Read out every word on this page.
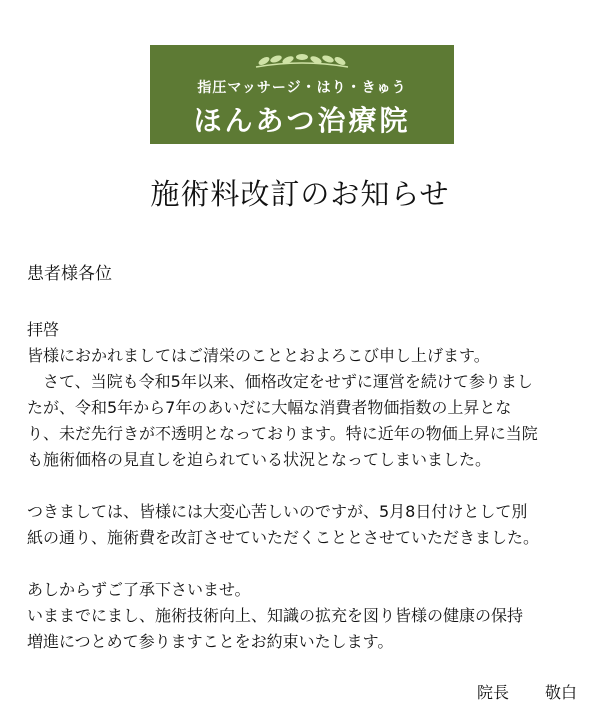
指圧マッサージ・はり・きゅう
ほんあつ治療院
施術料改訂のお知らせ
患者様各位
拝啓
皆様におかれましてはご清栄のこととおよろこび申し上げます。
　さて、当院も令和5年以来、価格改定をせずに運営を続けて参りまし
たが、令和5年から7年のあいだに大幅な消費者物価指数の上昇とな
り、未だ先行きが不透明となっております。特に近年の物価上昇に当院
も施術価格の見直しを迫られている状況となってしまいました。
つきましては、皆様には大変心苦しいのですが、5月8日付けとして別
紙の通り、施術費を改訂させていただくこととさせていただきました。
あしからずご了承下さいませ。
いままでにまし、施術技術向上、知識の拡充を図り皆様の健康の保持
増進につとめて参りますことをお約束いたします。
院長 敬白
